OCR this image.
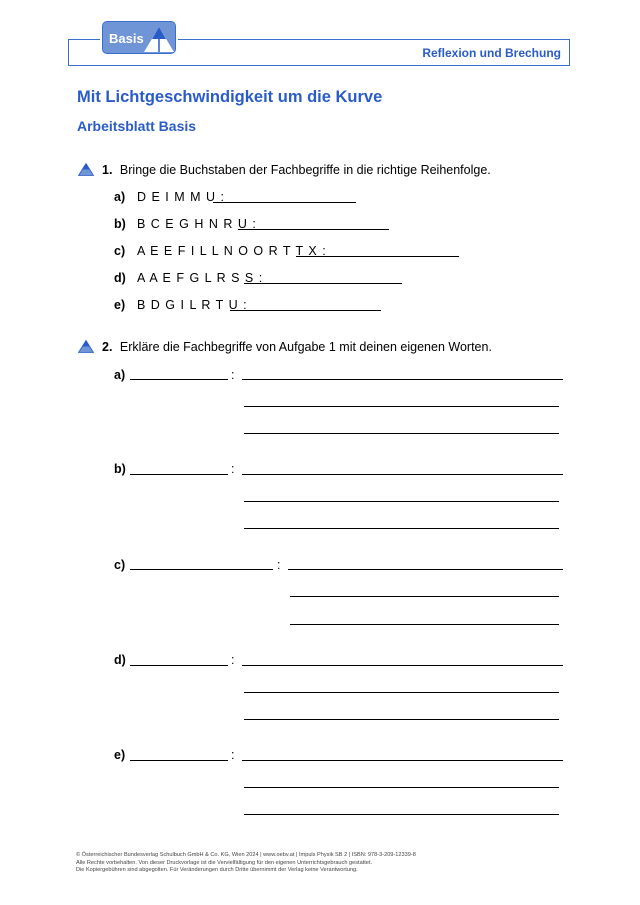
Reflexion und Brechung
Basis
Mit Lichtgeschwindigkeit um die Kurve
Arbeitsblatt Basis
1. Bringe die Buchstaben der Fachbegriffe in die richtige Reihenfolge.
a) D E I M M U :
b) B C E G H N R U :
c) A E E F I L L N O O R T T X :
d) A A E F G L R S S :
e) B D G I L R T U :
2. Erkläre die Fachbegriffe von Aufgabe 1 mit deinen eigenen Worten.
a)	:
b)	:
c)	:
d)	:
e)	:
© Österreichischer Bundesverlag Schulbuch GmbH & Co. KG, Wien 2024 | www.oebv.at | Impuls Physik SB 2 | ISBN: 978-3-209-12339-8
Alle Rechte vorbehalten. Von dieser Druckvorlage ist die Vervielfältigung für den eigenen Unterrichtsgebrauch gestattet.
Die Kopiergebühren sind abgegolten. Für Veränderungen durch Dritte übernimmt der Verlag keine Verantwortung.
